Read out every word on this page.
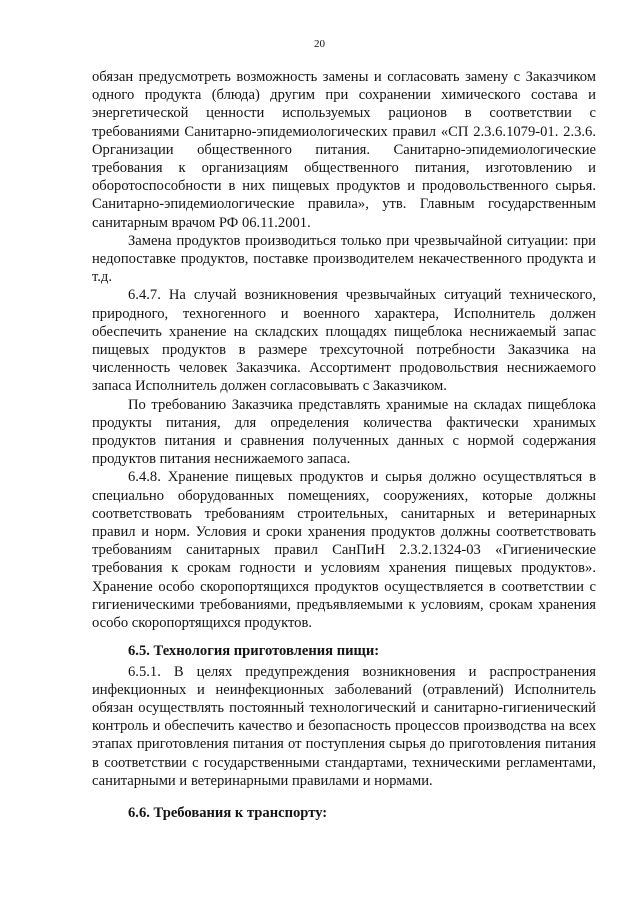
20

обязан предусмотреть возможность замены и согласовать замену с Заказчиком одного продукта (блюда) другим при сохранении химического состава и энергетической ценности используемых рационов в соответствии с требованиями Санитарно-эпидемиологических правил «СП 2.3.6.1079-01. 2.3.6. Организации общественного питания. Санитарно-эпидемиологические требования к организациям общественного питания, изготовлению и оборотоспособности в них пищевых продуктов и продовольственного сырья. Санитарно-эпидемиологические правила», утв. Главным государственным санитарным врачом РФ 06.11.2001.

Замена продуктов производиться только при чрезвычайной ситуации: при недопоставке продуктов, поставке производителем некачественного продукта и т.д.

6.4.7. На случай возникновения чрезвычайных ситуаций технического, природного, техногенного и военного характера, Исполнитель должен обеспечить хранение на складских площадях пищеблока неснижаемый запас пищевых продуктов в размере трехсуточной потребности Заказчика на численность человек Заказчика. Ассортимент продовольствия неснижаемого запаса Исполнитель должен согласовывать с Заказчиком.

По требованию Заказчика представлять хранимые на складах пищеблока продукты питания, для определения количества фактически хранимых продуктов питания и сравнения полученных данных с нормой содержания продуктов питания неснижаемого запаса.

6.4.8. Хранение пищевых продуктов и сырья должно осуществляться в специально оборудованных помещениях, сооружениях, которые должны соответствовать требованиям строительных, санитарных и ветеринарных правил и норм. Условия и сроки хранения продуктов должны соответствовать требованиям санитарных правил СанПиН 2.3.2.1324-03 «Гигиенические требования к срокам годности и условиям хранения пищевых продуктов». Хранение особо скоропортящихся продуктов осуществляется в соответствии с гигиеническими требованиями, предъявляемыми к условиям, срокам хранения особо скоропортящихся продуктов.

6.5. Технология приготовления пищи:

6.5.1. В целях предупреждения возникновения и распространения инфекционных и неинфекционных заболеваний (отравлений) Исполнитель обязан осуществлять постоянный технологический и санитарно-гигиенический контроль и обеспечить качество и безопасность процессов производства на всех этапах приготовления питания от поступления сырья до приготовления питания в соответствии с государственными стандартами, техническими регламентами, санитарными и ветеринарными правилами и нормами.

6.6. Требования к транспорту:
